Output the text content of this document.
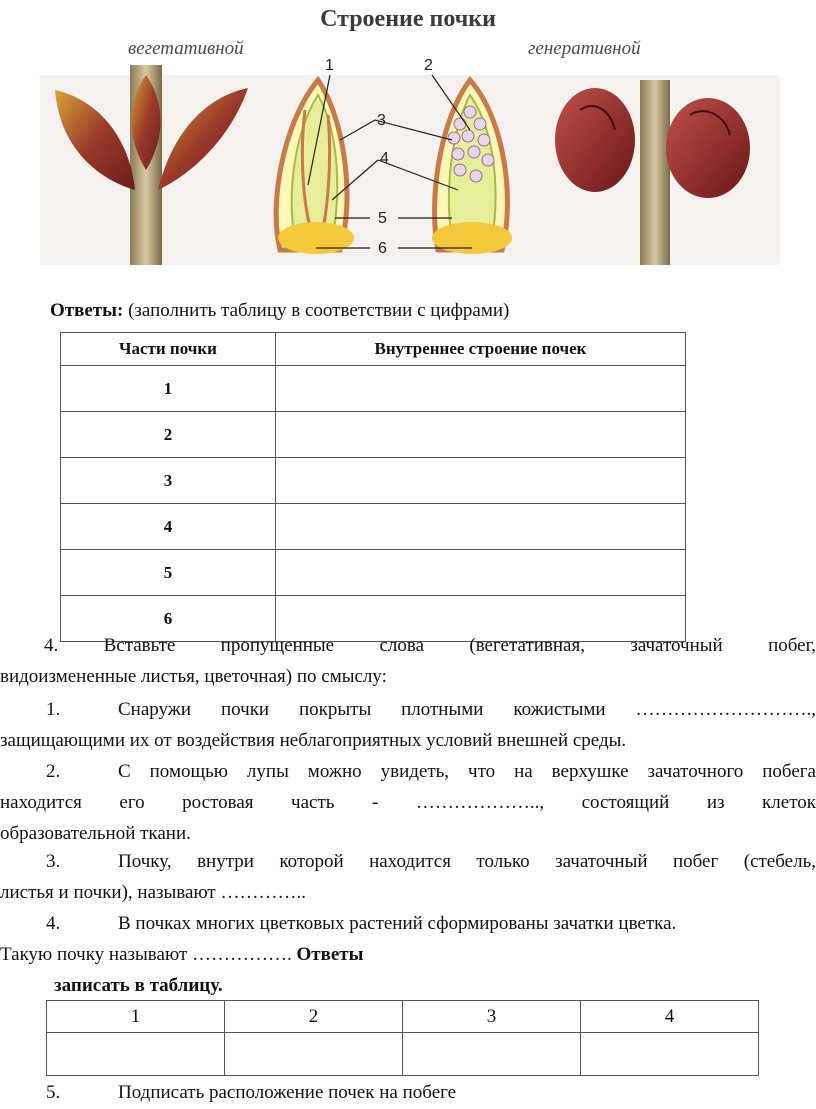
Строение почки
вегетативной	генеративной
1	2
3
4
5
6
Ответы: (заполнить таблицу в соответствии с цифрами)
Части почки	Внутреннее строение почек
1	
2	
3	
4	
5	
6	
4. Вставьте пропущенные слова (вегетативная, зачаточный побег,
видоизмененные листья, цветочная) по смыслу:
1.	Снаружи почки покрыты плотными кожистыми ……………………….,
защищающими их от воздействия неблагоприятных условий внешней среды.
2.	С помощью лупы можно увидеть, что на верхушке зачаточного побега
находится его ростовая часть - ……………….., состоящий из клеток
образовательной ткани.
3.	Почку, внутри которой находится только зачаточный побег (стебель,
листья и почки), называют …………..
4.	В почках многих цветковых растений сформированы зачатки цветка.
Такую почку называют ……………. Ответы
записать в таблицу.
1	2	3	4

5.	Подписать расположение почек на побеге
